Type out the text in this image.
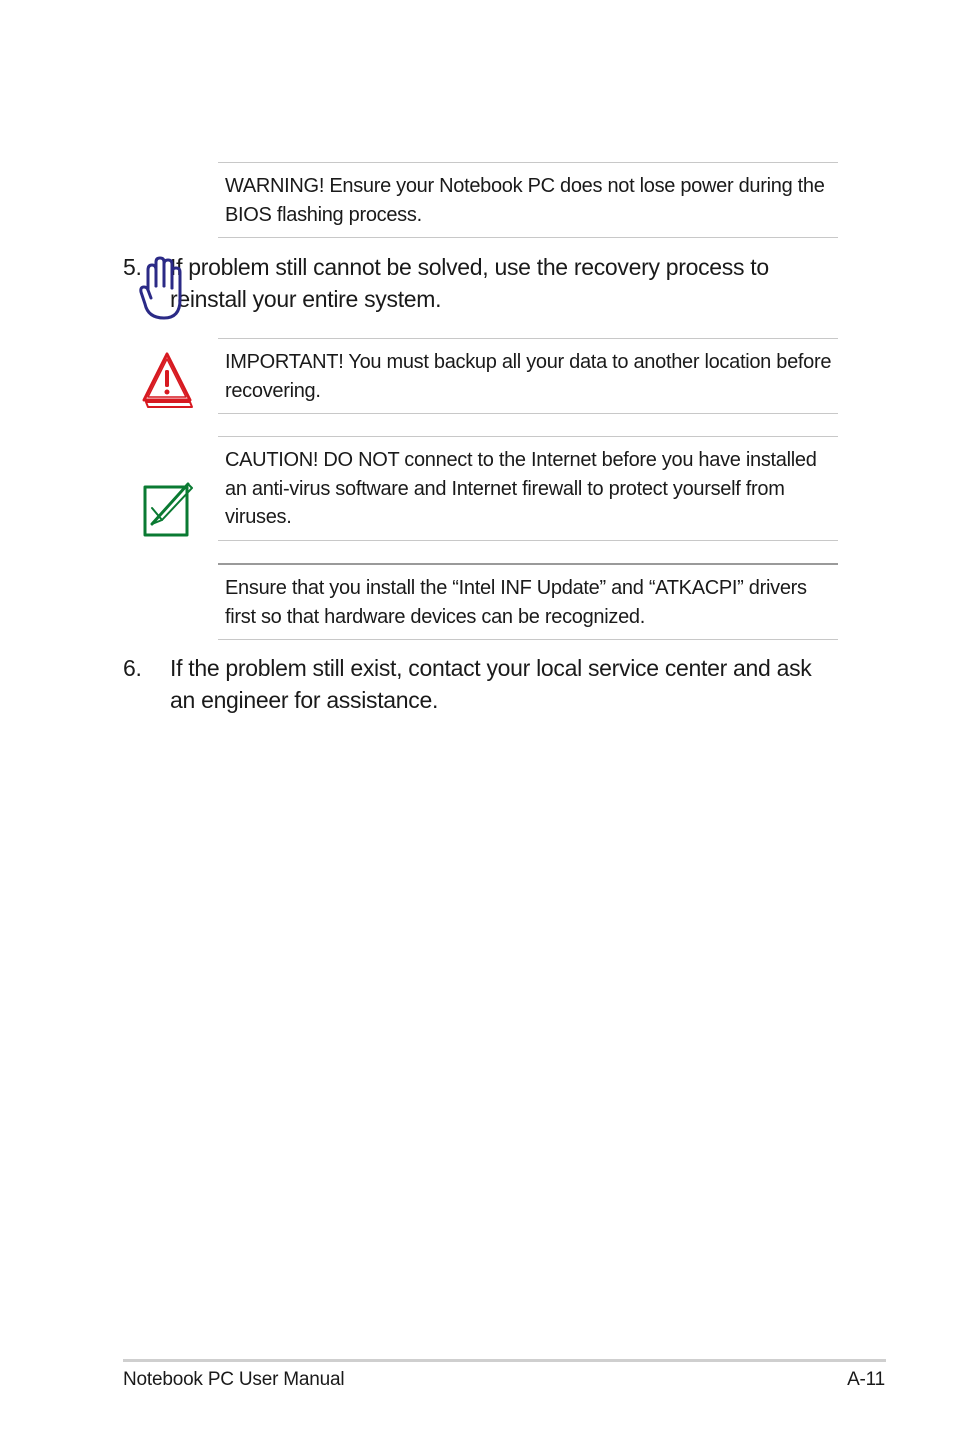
WARNING! Ensure your Notebook PC does not lose power during the BIOS flashing process.

5. If problem still cannot be solved, use the recovery process to reinstall your entire system.

IMPORTANT! You must backup all your data to another location before recovering.

CAUTION! DO NOT connect to the Internet before you have installed an anti-virus software and Internet firewall to protect yourself from viruses.

Ensure that you install the “Intel INF Update” and “ATKACPI” drivers first so that hardware devices can be recognized.

6. If the problem still exist, contact your local service center and ask an engineer for assistance.
Notebook PC User Manual	A-11
